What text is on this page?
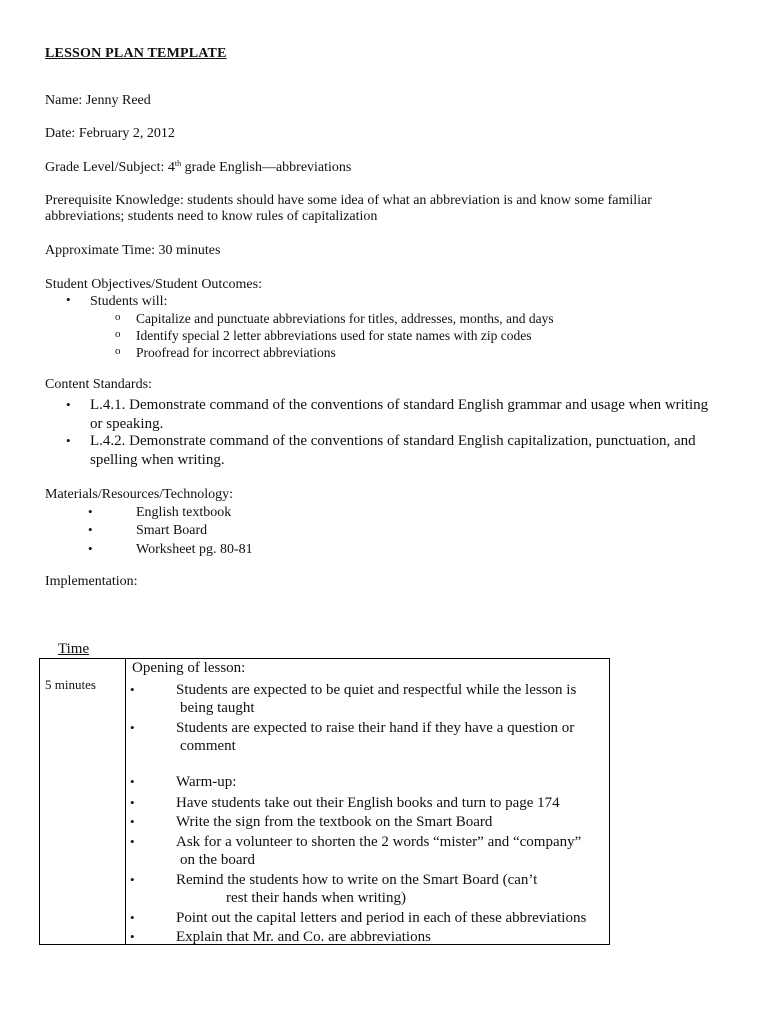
LESSON PLAN TEMPLATE
Name: Jenny Reed
Date: February 2, 2012
Grade Level/Subject: 4th grade English—abbreviations
Prerequisite Knowledge: students should have some idea of what an abbreviation is and know some familiar
abbreviations; students need to know rules of capitalization
Approximate Time: 30 minutes
Student Objectives/Student Outcomes:
• Students will:
o Capitalize and punctuate abbreviations for titles, addresses, months, and days
o Identify special 2 letter abbreviations used for state names with zip codes
o Proofread for incorrect abbreviations
Content Standards:
• L.4.1. Demonstrate command of the conventions of standard English grammar and usage when writing
or speaking.
• L.4.2. Demonstrate command of the conventions of standard English capitalization, punctuation, and
spelling when writing.
Materials/Resources/Technology:
•	English textbook
•	Smart Board
•	Worksheet pg. 80-81
Implementation:
Time
5 minutes
Opening of lesson:
•	Students are expected to be quiet and respectful while the lesson is
being taught
•	Students are expected to raise their hand if they have a question or
comment
•	Warm-up:
•	Have students take out their English books and turn to page 174
•	Write the sign from the textbook on the Smart Board
•	Ask for a volunteer to shorten the 2 words “mister” and “company”
on the board
•	Remind the students how to write on the Smart Board (can’t
rest their hands when writing)
•	Point out the capital letters and period in each of these abbreviations
•	Explain that Mr. and Co. are abbreviations
